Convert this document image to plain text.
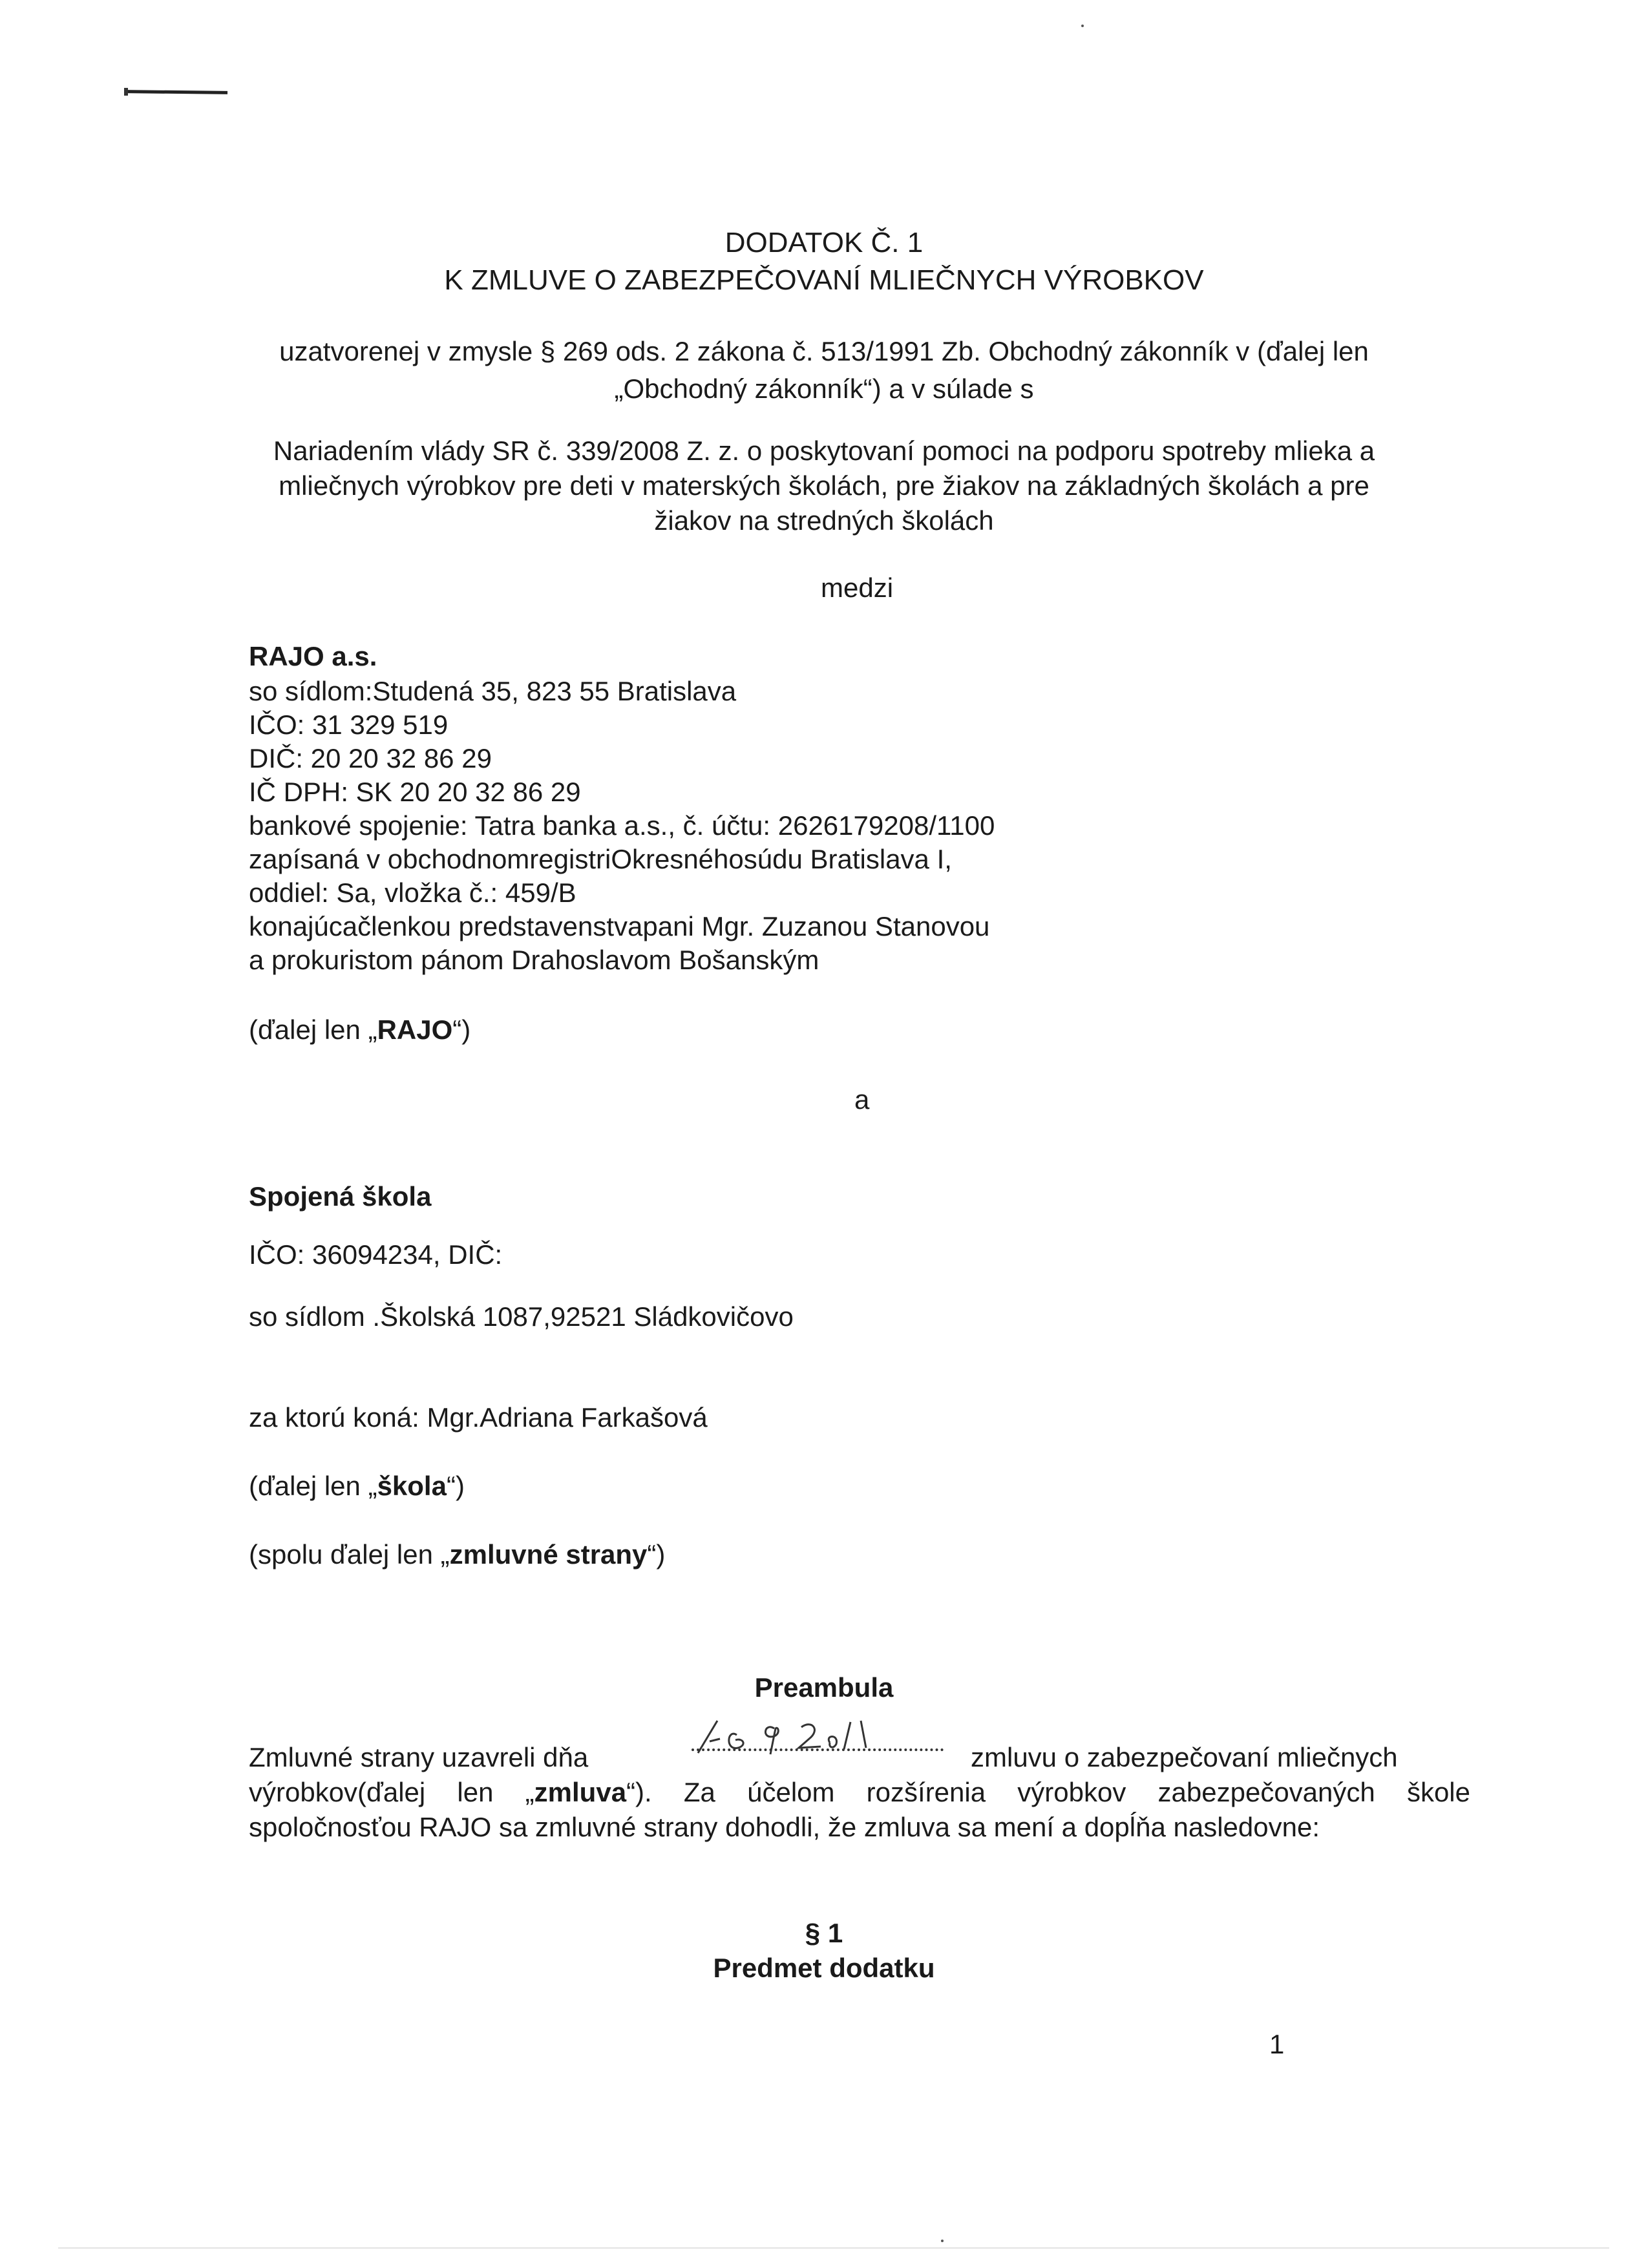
DODATOK Č. 1
K ZMLUVE O ZABEZPEČOVANÍ MLIEČNYCH VÝROBKOV
uzatvorenej v zmysle § 269 ods. 2 zákona č. 513/1991 Zb. Obchodný zákonník v (ďalej len
„Obchodný zákonník“) a v súlade s
Nariadením vlády SR č. 339/2008 Z. z. o poskytovaní pomoci na podporu spotreby mlieka a
mliečnych výrobkov pre deti v materských školách, pre žiakov na základných školách a pre
žiakov na stredných školách
medzi
RAJO a.s.
so sídlom:Studená 35, 823 55 Bratislava
IČO: 31 329 519
DIČ: 20 20 32 86 29
IČ DPH: SK 20 20 32 86 29
bankové spojenie: Tatra banka a.s., č. účtu: 2626179208/1100
zapísaná v obchodnomregistriOkresnéhosúdu Bratislava I,
oddiel: Sa, vložka č.: 459/B
konajúcačlenkou predstavenstvapani Mgr. Zuzanou Stanovou
a prokuristom pánom Drahoslavom Bošanským
(ďalej len „RAJO“)
a
Spojená škola
IČO: 36094234, DIČ:
so sídlom .Školská 1087,92521 Sládkovičovo
za ktorú koná: Mgr.Adriana Farkašová
(ďalej len „škola“)
(spolu ďalej len „zmluvné strany“)
Preambula
Zmluvné strany uzavreli dňa	zmluvu o zabezpečovaní mliečnych
výrobkov(ďalej len „zmluva“). Za účelom rozšírenia výrobkov zabezpečovaných škole
spoločnosťou RAJO sa zmluvné strany dohodli, že zmluva sa mení a dopĺňa nasledovne:
§ 1
Predmet dodatku
1
